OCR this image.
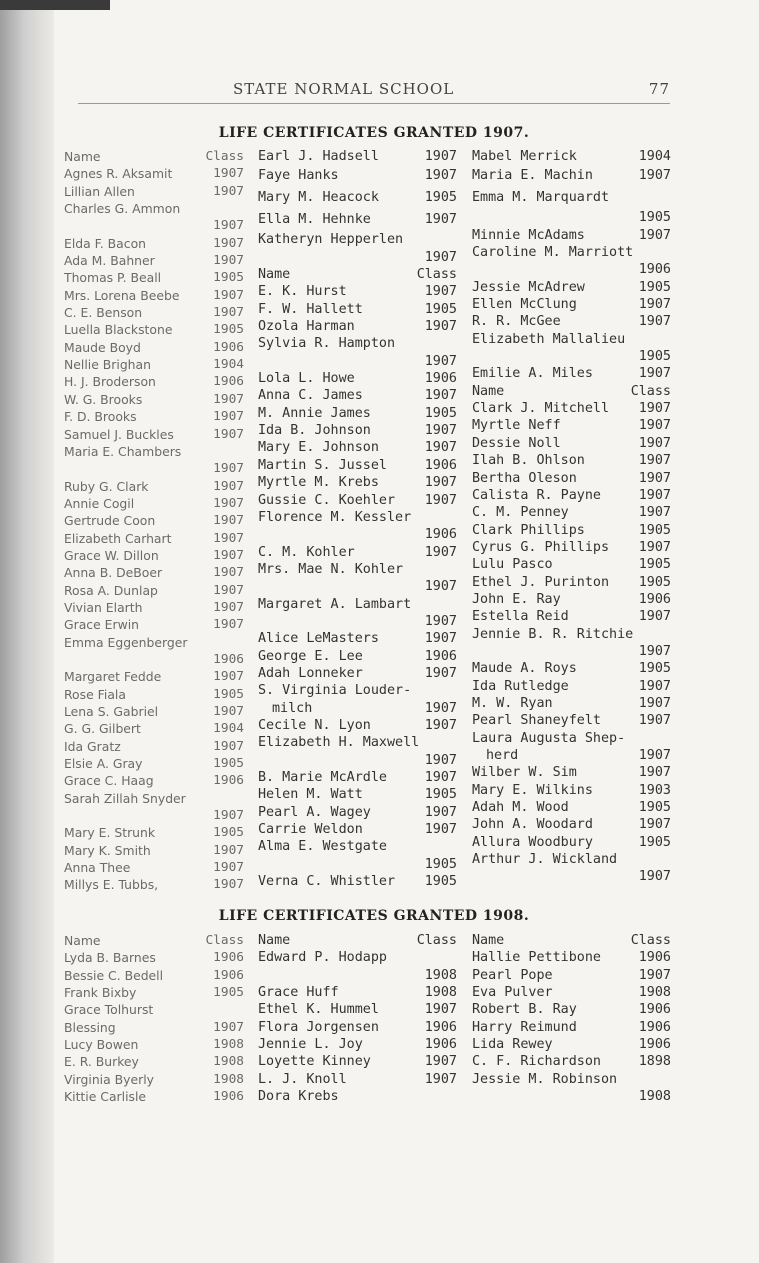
STATE NORMAL SCHOOL	77
LIFE CERTIFICATES GRANTED 1907.
Name	Class
Agnes R. Aksamit	1907
Lillian Allen	1907
Charles G. Ammon
1907
Elda F. Bacon	1907
Ada M. Bahner	1907
Thomas P. Beall	1905
Mrs. Lorena Beebe	1907
C. E. Benson	1907
Luella Blackstone	1905
Maude Boyd	1906
Nellie Brighan	1904
H. J. Broderson	1906
W. G. Brooks	1907
F. D. Brooks	1907
Samuel J. Buckles	1907
Maria E. Chambers
1907
Ruby G. Clark	1907
Annie Cogil	1907
Gertrude Coon	1907
Elizabeth Carhart	1907
Grace W. Dillon	1907
Anna B. DeBoer	1907
Rosa A. Dunlap	1907
Vivian Elarth	1907
Grace Erwin	1907
Emma Eggenberger
1906
Margaret Fedde	1907
Rose Fiala	1905
Lena S. Gabriel	1907
G. G. Gilbert	1904
Ida Gratz	1907
Elsie A. Gray	1905
Grace C. Haag	1906
Sarah Zillah Snyder
1907
Mary E. Strunk	1905
Mary K. Smith	1907
Anna Thee	1907
Millys E. Tubbs,	1907
Earl J. Hadsell	1907
Faye Hanks	1907
Mary M. Heacock	1905
Ella M. Hehnke	1907
Katheryn Hepperlen
1907
Name	Class
E. K. Hurst	1907
F. W. Hallett	1905
Ozola Harman	1907
Sylvia R. Hampton
1907
Lola L. Howe	1906
Anna C. James	1907
M. Annie James	1905
Ida B. Johnson	1907
Mary E. Johnson	1907
Martin S. Jussel	1906
Myrtle M. Krebs	1907
Gussie C. Koehler 1907
Florence M. Kessler
1906
C. M. Kohler	1907
Mrs. Mae N. Kohler
1907
Margaret A. Lambart
1907
Alice LeMasters	1907
George E. Lee	1906
Adah Lonneker	1907
S. Virginia Louder-
milch	1907
Cecile N. Lyon	1907
Elizabeth H. Maxwell
1907
B. Marie McArdle	1907
Helen M. Watt	1905
Pearl A. Wagey	1907
Carrie Weldon	1907
Alma E. Westgate
1905
Verna C. Whistler 1905
Mabel Merrick	1904
Maria E. Machin	1907
Emma M. Marquardt
1905
Minnie McAdams	1907
Caroline M. Marriott
1906
Jessie McAdrew	1905
Ellen McClung	1907
R. R. McGee	1907
Elizabeth Mallalieu
1905
Emilie A. Miles	1907
Name	Class
Clark J. Mitchell 1907
Myrtle Neff	1907
Dessie Noll	1907
Ilah B. Ohlson	1907
Bertha Oleson	1907
Calista R. Payne	1907
C. M. Penney	1907
Clark Phillips	1905
Cyrus G. Phillips 1907
Lulu Pasco	1905
Ethel J. Purinton 1905
John E. Ray	1906
Estella Reid	1907
Jennie B. R. Ritchie
1907
Maude A. Roys	1905
Ida Rutledge	1907
M. W. Ryan	1907
Pearl Shaneyfelt	1907
Laura Augusta Shep-
herd	1907
Wilber W. Sim	1907
Mary E. Wilkins	1903
Adah M. Wood	1905
John A. Woodard	1907
Allura Woodbury	1905
Arthur J. Wickland
1907
LIFE CERTIFICATES GRANTED 1908.
Name	Class
Lyda B. Barnes	1906
Bessie C. Bedell	1906
Frank Bixby	1905
Grace Tolhurst
Blessing	1907
Lucy Bowen	1908
E. R. Burkey	1908
Virginia Byerly	1908
Kittie Carlisle	1906
Name	Class
Edward P. Hodapp
1908
Grace Huff	1908
Ethel K. Hummel	1907
Flora Jorgensen	1906
Jennie L. Joy	1906
Loyette Kinney	1907
L. J. Knoll	1907
Dora Krebs
Name	Class
Hallie Pettibone	1906
Pearl Pope	1907
Eva Pulver	1908
Robert B. Ray	1906
Harry Reimund	1906
Lida Rewey	1906
C. F. Richardson	1898
Jessie M. Robinson
1908
